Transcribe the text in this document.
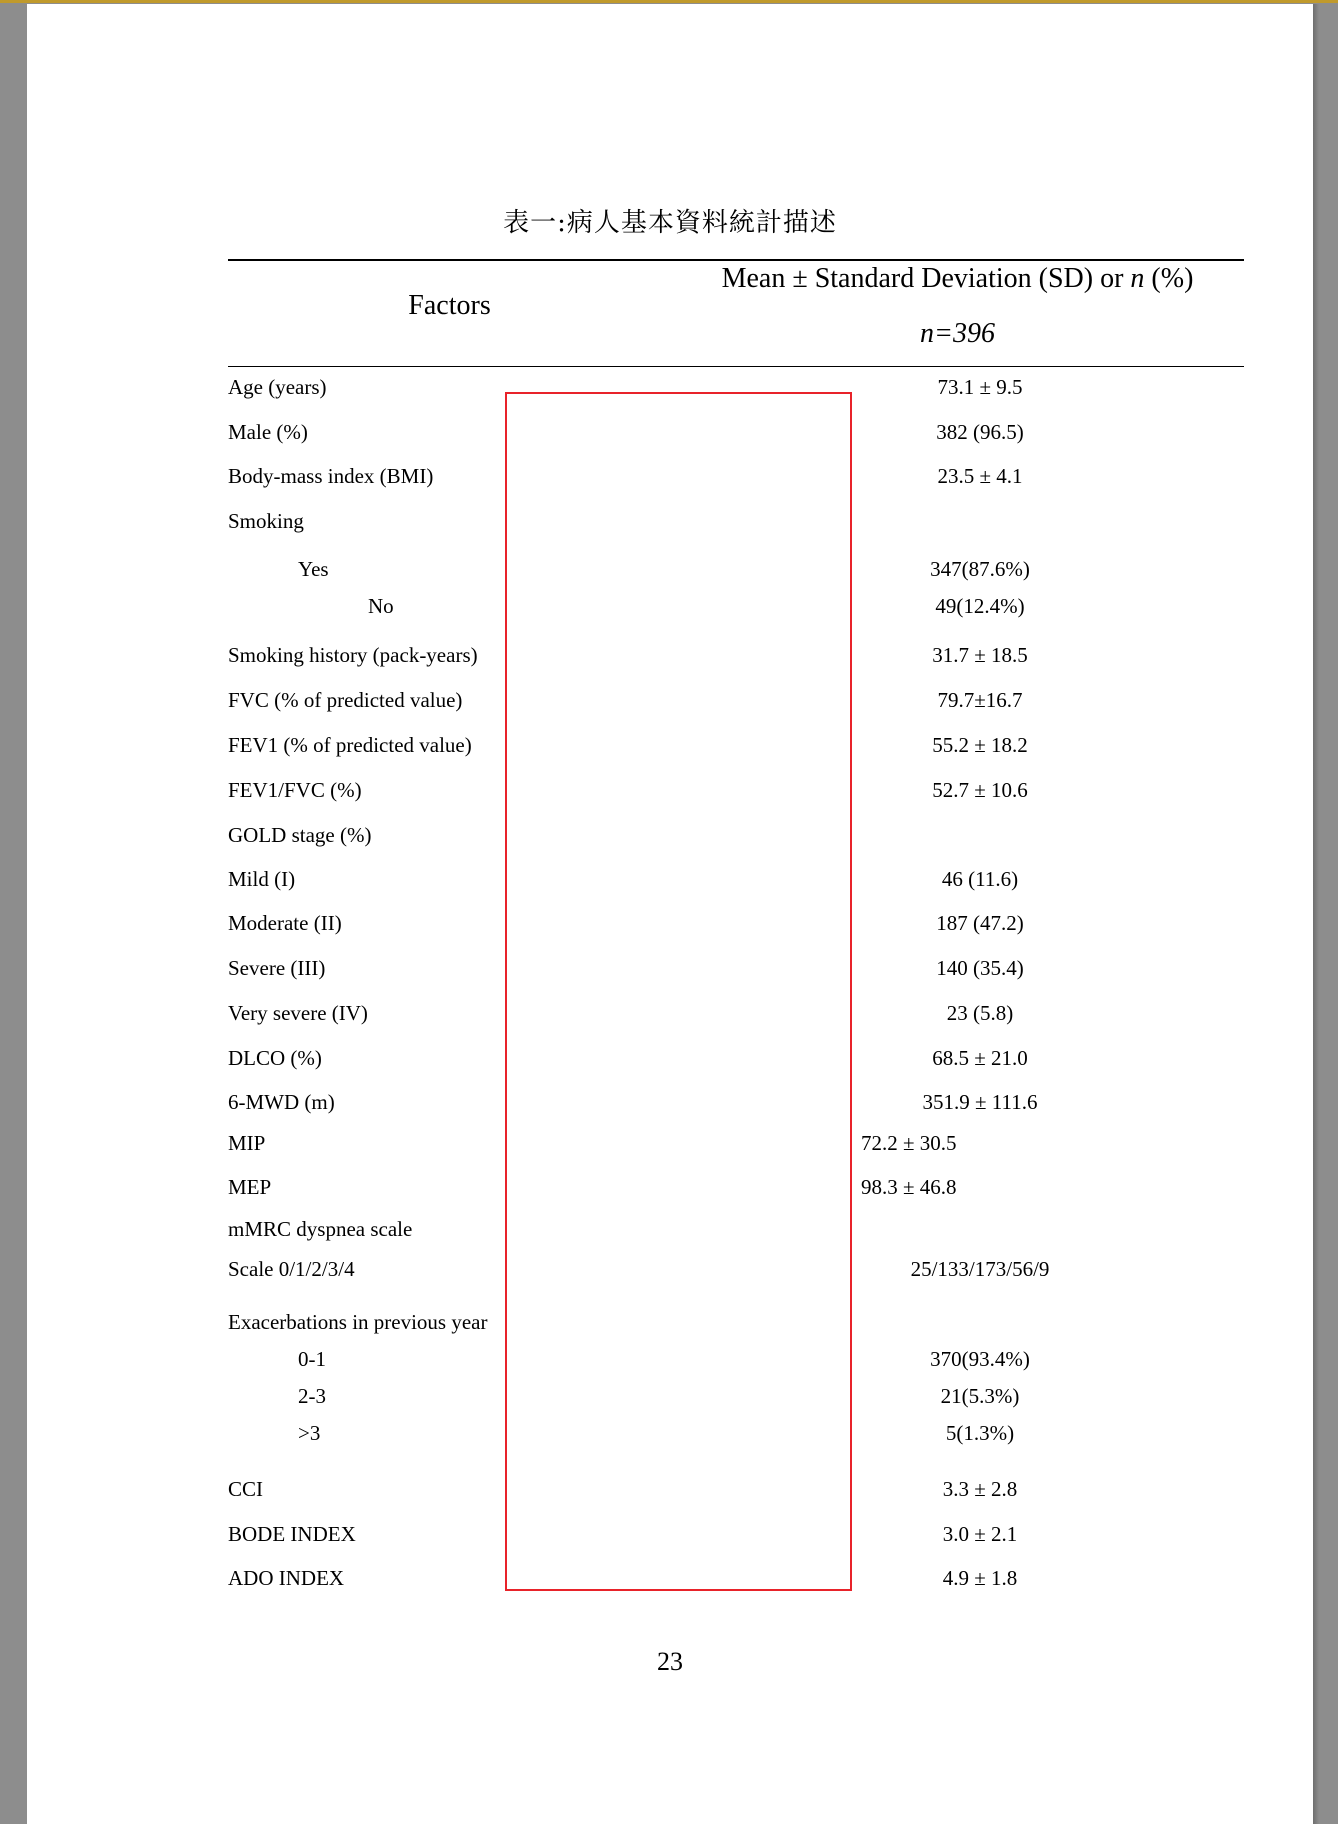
表一:病人基本資料統計描述
Factors
Mean ± Standard Deviation (SD) or n (%)
n=396
Age (years)	73.1 ± 9.5
Male (%)	382 (96.5)
Body-mass index (BMI)	23.5 ± 4.1
Smoking
Yes	347(87.6%)
No	49(12.4%)
Smoking history (pack-years)	31.7 ± 18.5
FVC (% of predicted value)	79.7±16.7
FEV1 (% of predicted value)	55.2 ± 18.2
FEV1/FVC (%)	52.7 ± 10.6
GOLD stage (%)
Mild (I)	46 (11.6)
Moderate (II)	187 (47.2)
Severe (III)	140 (35.4)
Very severe (IV)	23 (5.8)
DLCO (%)	68.5 ± 21.0
6-MWD (m)	351.9 ± 111.6
MIP	72.2 ± 30.5
MEP	98.3 ± 46.8
mMRC dyspnea scale
Scale 0/1/2/3/4	25/133/173/56/9
Exacerbations in previous year
0-1	370(93.4%)
2-3	21(5.3%)
>3	5(1.3%)
CCI	3.3 ± 2.8
BODE INDEX	3.0 ± 2.1
ADO INDEX	4.9 ± 1.8
23
